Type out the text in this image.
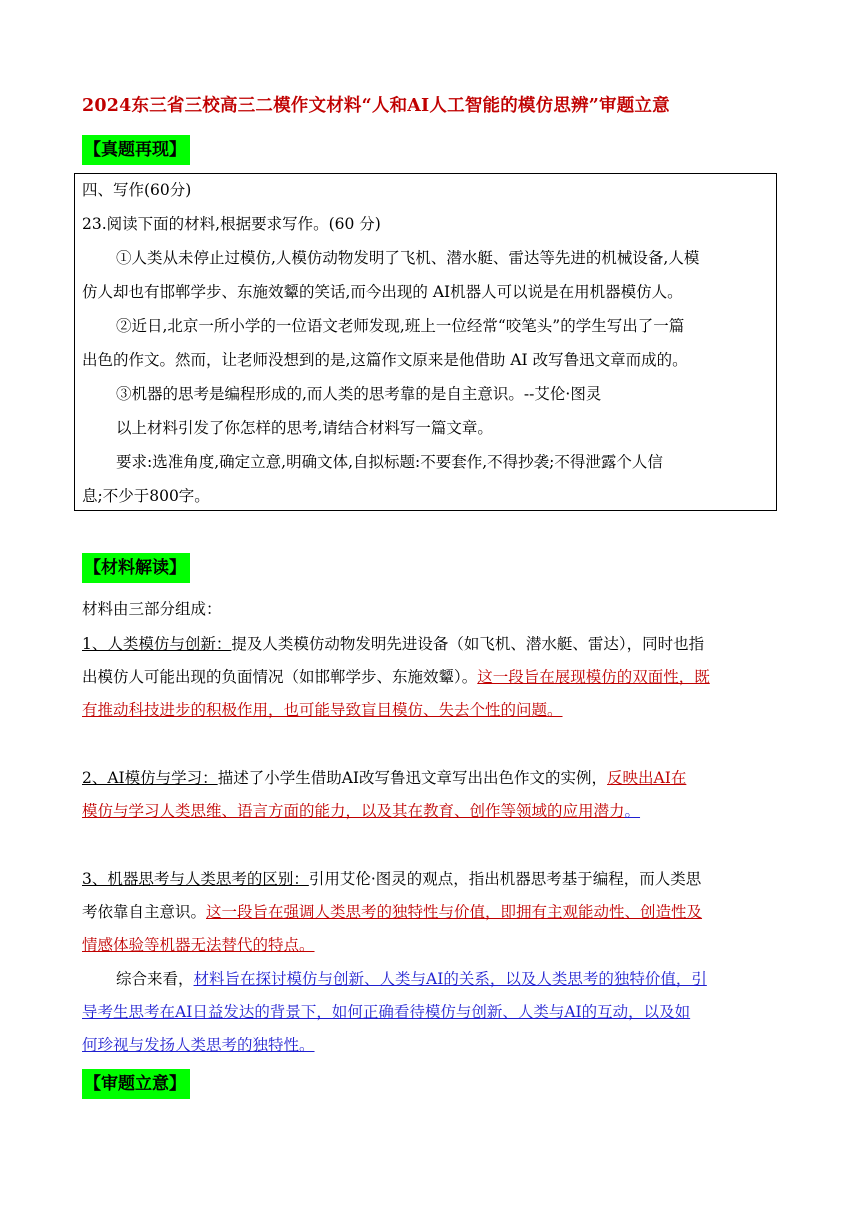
2024东三省三校高三二模作文材料“人和AI人工智能的模仿思辨”审题立意
【真题再现】
四、写作(60分)
23.阅读下面的材料,根据要求写作。(60 分)
①人类从未停止过模仿,人模仿动物发明了飞机、潜水艇、雷达等先进的机械设备,人模
仿人却也有邯郸学步、东施效颦的笑话,而今出现的 AI机器人可以说是在用机器模仿人。
②近日,北京一所小学的一位语文老师发现,班上一位经常“咬笔头”的学生写出了一篇
出色的作文。然而，让老师没想到的是,这篇作文原来是他借助 AI 改写鲁迅文章而成的。
③机器的思考是编程形成的,而人类的思考靠的是自主意识。--艾伦·图灵
以上材料引发了你怎样的思考,请结合材料写一篇文章。
要求:选准角度,确定立意,明确文体,自拟标题:不要套作,不得抄袭;不得泄露个人信
息;不少于800字。
【材料解读】
材料由三部分组成：
1、人类模仿与创新：提及人类模仿动物发明先进设备（如飞机、潜水艇、雷达），同时也指
出模仿人可能出现的负面情况（如邯郸学步、东施效颦）。这一段旨在展现模仿的双面性，既
有推动科技进步的积极作用，也可能导致盲目模仿、失去个性的问题。
2、AI模仿与学习：描述了小学生借助AI改写鲁迅文章写出出色作文的实例，反映出AI在
模仿与学习人类思维、语言方面的能力，以及其在教育、创作等领域的应用潜力。
3、机器思考与人类思考的区别：引用艾伦·图灵的观点，指出机器思考基于编程，而人类思
考依靠自主意识。这一段旨在强调人类思考的独特性与价值，即拥有主观能动性、创造性及
情感体验等机器无法替代的特点。
综合来看，材料旨在探讨模仿与创新、人类与AI的关系，以及人类思考的独特价值，引
导考生思考在AI日益发达的背景下，如何正确看待模仿与创新、人类与AI的互动，以及如
何珍视与发扬人类思考的独特性。
【审题立意】
